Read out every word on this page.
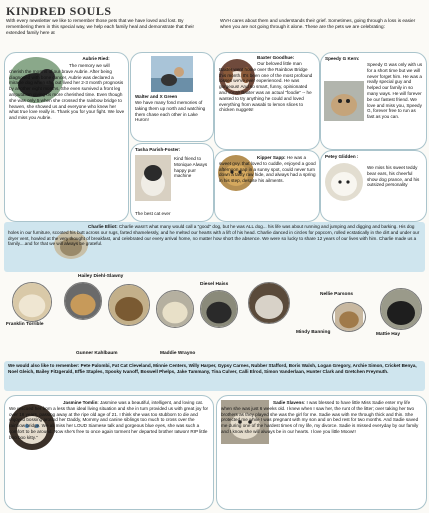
KINDRED SOULS
With every newsletter we like to remember those pets that we have loved and lost. By remembering them in this special way, we help each family heal and demonstrate that their extended family here at
WVH cares about them and understands their grief. Sometimes, going through a loss is easier when you are not going through it alone. These are the pets we are celebrating:
Aubrie Ried:
The memory we will cherish the most is of our brave Aubrie. After being diagnosed with bone cancer, Aubrie was declared a miracle dog when she out lived her 2-3 month prognosis by another eight months. She even survived a front leg amputation giving us more cherished time. Even though she was only 5 when she crossed the rainbow bridge to heaven, she showed us and everyone who knew her what true love really is. Thank you for your fight. We love and miss you Aubrie.
Walter and X Green
We have many fond memories of taking them up north and watching them chase each other in Lake Huron!
Baxter Goodhue:
Our beloved little man Baxter went home over the Rainbow Bridge this month. It's been one of the most profound losses we've ever experienced. He was gorgeous! And so smart, funny, opinionated and vocal! Baxter was an actual "foodie" -- he wanted to try anything he could and loved everything from wasabi to lemon slices to chicken nuggets!
Speedy G Kern:
Speedy G was only with us for a short time but we will never forget him. He was a really special guy and helped our family in so many ways. He will forever be our fastest friend. We love and miss you, Speedy G, forever free to run as fast as you can.
Tasha Parish-Foster:
Kind friend to Monique Always happy purr machine
The best cat ever
Kipper Sapp: He was a sweet guy, that loved to cuddle, enjoyed a good afternoon nap in a sunny spot, could never turn down a tasty raw hide, and always had a spring in his step, despite his ailments.
Petey Glidden :
We miss his sweet teddy bear ears, his cheerful show dog prance, and his outsized personality
Charlie Elliot: Charlie wasn't what many would call a "good" dog, but he was ALL dog... his life was about running and jumping and digging and barking. His dog holes in our furniture, scooted his butt across our rugs, farted shamelessly, and he melted our hearts with a lift of his head. Charlie danced in circles for popcorn, rolled ecstatically in the dirt and under our dryer vent, howled at the very thought of breakfast, and celebrated our every arrival home, no matter how short the absence. We were so lucky to share 12 years of our lives with him. Charlie made us a family....and for that we will always be grateful.
Hailey Diehl-Slawny
Diesel Haiss
Nellie Parsons
Franklin Torrible
Mindy Banning	Mattie Hay
Gunner Kahlbaum	Maddie Wrayno
We would also like to remember: Pete Palombi, Fat Cat Cleveland, Minnie Centers, Willy Harper, Gypsy Carnes, Nubber Stafford, Boris Walsh, Logan Gregory, Archie Simon, Cricket Benya, Noel Gleich, Bailey Fitzgerald, Effie Staples, Spooky Ivanoff, Boswell Phelps, Jake Tammany, Tina Culver, Calli Elrod, Simon Vanderlaan, Hunter Clark and Gretchen Freymuth.
Jasmine Tomlin: Jasmine was a beautiful, intelligent, and loving cat. We rescued her from a less than ideal living situation and she in turn provided us with great joy for over 16 years, passing away at the ripe old age of 21. I think she was too stubborn to die and enjoyed bossing around her Daddy, Mommy and canine siblings too much to cross over the rainbow bridge. We all miss her LOUD Siamese talk and gorgeous blue eyes, she was such a comfort to be around. Now she's free to once again torment her departed brother Iatwon! RIP little boo boo kitty."
Sadie Slavens: I was blessed to have little Miss Sadie enter my life when she was just 6 weeks old. I knew when I saw her, the runt of the litter; over taking her two brothers as they played she was the girl for me. Sadie was with me through thick and thin. She protected me while I was pregnant with my son and on bed rest for two months. And Sadie saved me during one of the hardest times of my life, my divorce. Sadie is missed everyday by our family and I know she will always be in our hearts. I love you little Moow!!
